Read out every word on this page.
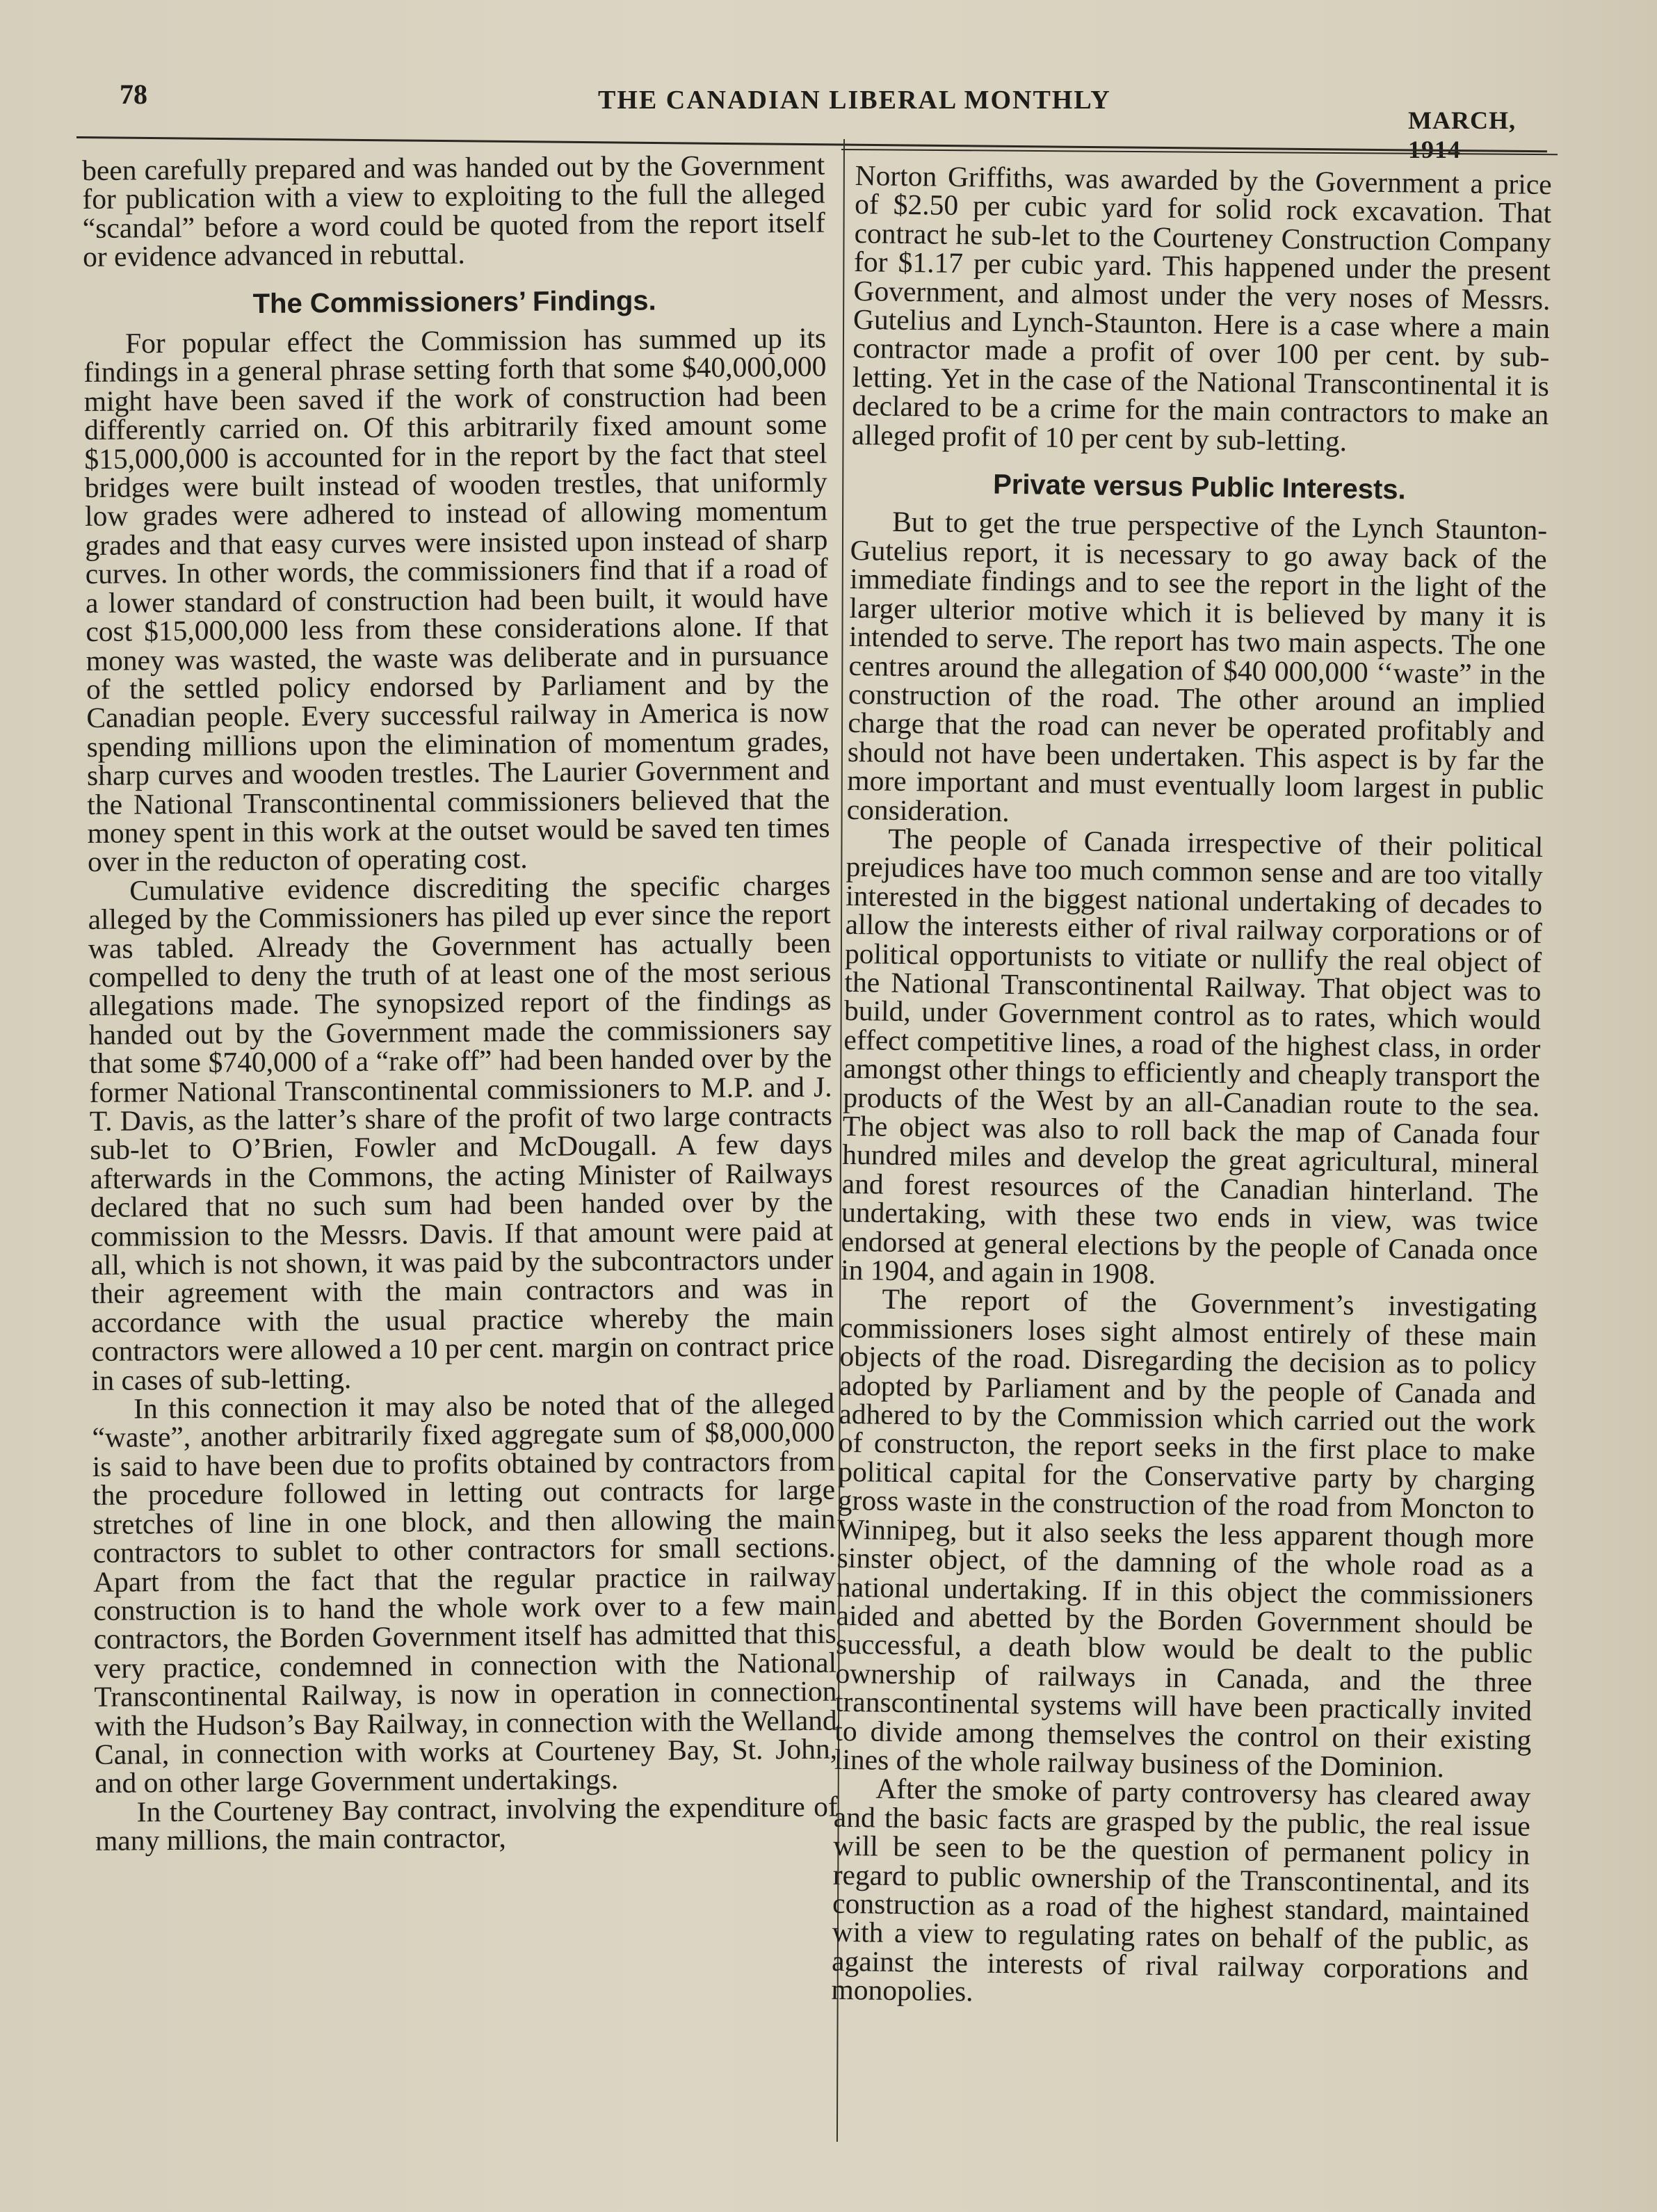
78	THE CANADIAN LIBERAL MONTHLY
MARCH, 1914

been carefully prepared and was handed out by the Government for publication with a view to exploiting to the full the alleged “scandal” before a word could be quoted from the report itself or evidence advanced in rebuttal.

The Commissioners’ Findings.

For popular effect the Commission has summed up its findings in a general phrase setting forth that some $40,000,000 might have been saved if the work of construction had been differently carried on. Of this arbitrarily fixed amount some $15,000,000 is accounted for in the report by the fact that steel bridges were built instead of wooden trestles, that uniformly low grades were adhered to instead of allowing momentum grades and that easy curves were insisted upon instead of sharp curves. In other words, the commissioners find that if a road of a lower standard of construction had been built, it would have cost $15,000,000 less from these considerations alone. If that money was wasted, the waste was deliberate and in pursuance of the settled policy endorsed by Parliament and by the Canadian people. Every successful railway in America is now spending millions upon the elimination of momentum grades, sharp curves and wooden trestles. The Laurier Government and the National Transcontinental commissioners believed that the money spent in this work at the outset would be saved ten times over in the reducton of operating cost.

Cumulative evidence discrediting the specific charges alleged by the Commissioners has piled up ever since the report was tabled. Already the Government has actually been compelled to deny the truth of at least one of the most serious allegations made. The synopsized report of the findings as handed out by the Government made the commissioners say that some $740,000 of a “rake off” had been handed over by the former National Transcontinental commissioners to M.P. and J. T. Davis, as the latter’s share of the profit of two large contracts sub-let to O’Brien, Fowler and McDougall. A few days afterwards in the Commons, the acting Minister of Railways declared that no such sum had been handed over by the commission to the Messrs. Davis. If that amount were paid at all, which is not shown, it was paid by the subcontractors under their agreement with the main contractors and was in accordance with the usual practice whereby the main contractors were allowed a 10 per cent. margin on contract price in cases of sub-letting.

In this connection it may also be noted that of the alleged “waste”, another arbitrarily fixed aggregate sum of $8,000,000 is said to have been due to profits obtained by contractors from the procedure followed in letting out contracts for large stretches of line in one block, and then allowing the main contractors to sublet to other contractors for small sections. Apart from the fact that the regular practice in railway construction is to hand the whole work over to a few main contractors, the Borden Government itself has admitted that this very practice, condemned in connection with the National Transcontinental Railway, is now in operation in connection with the Hudson’s Bay Railway, in connection with the Welland Canal, in connection with works at Courteney Bay, St. John, and on other large Government undertakings.

In the Courteney Bay contract, involving the expenditure of many millions, the main contractor,

Norton Griffiths, was awarded by the Government a price of $2.50 per cubic yard for solid rock excavation. That contract he sub-let to the Courteney Construction Company for $1.17 per cubic yard. This happened under the present Government, and almost under the very noses of Messrs. Gutelius and Lynch-Staunton. Here is a case where a main contractor made a profit of over 100 per cent. by sub-letting. Yet in the case of the National Transcontinental it is declared to be a crime for the main contractors to make an alleged profit of 10 per cent by sub-letting.

Private versus Public Interests.

But to get the true perspective of the Lynch Staunton-Gutelius report, it is necessary to go away back of the immediate findings and to see the report in the light of the larger ulterior motive which it is believed by many it is intended to serve. The report has two main aspects. The one centres around the allegation of $40 000,000 ‘‘waste” in the construction of the road. The other around an implied charge that the road can never be operated profitably and should not have been undertaken. This aspect is by far the more important and must eventually loom largest in public consideration.

The people of Canada irrespective of their political prejudices have too much common sense and are too vitally interested in the biggest national undertaking of decades to allow the interests either of rival railway corporations or of political opportunists to vitiate or nullify the real object of the National Transcontinental Railway. That object was to build, under Government control as to rates, which would effect competitive lines, a road of the highest class, in order amongst other things to efficiently and cheaply transport the products of the West by an all-Canadian route to the sea. The object was also to roll back the map of Canada four hundred miles and develop the great agricultural, mineral and forest resources of the Canadian hinterland. The undertaking, with these two ends in view, was twice endorsed at general elections by the people of Canada once in 1904, and again in 1908.

The report of the Government’s investigating commissioners loses sight almost entirely of these main objects of the road. Disregarding the decision as to policy adopted by Parliament and by the people of Canada and adhered to by the Commission which carried out the work of constructon, the report seeks in the first place to make political capital for the Conservative party by charging gross waste in the construction of the road from Moncton to Winnipeg, but it also seeks the less apparent though more sinster object, of the damning of the whole road as a national undertaking. If in this object the commissioners aided and abetted by the Borden Government should be successful, a death blow would be dealt to the public ownership of railways in Canada, and the three transcontinental systems will have been practically invited to divide among themselves the control on their existing lines of the whole railway business of the Dominion.

After the smoke of party controversy has cleared away and the basic facts are grasped by the public, the real issue will be seen to be the question of permanent policy in regard to public ownership of the Transcontinental, and its construction as a road of the highest standard, maintained with a view to regulating rates on behalf of the public, as against the interests of rival railway corporations and monopolies.
